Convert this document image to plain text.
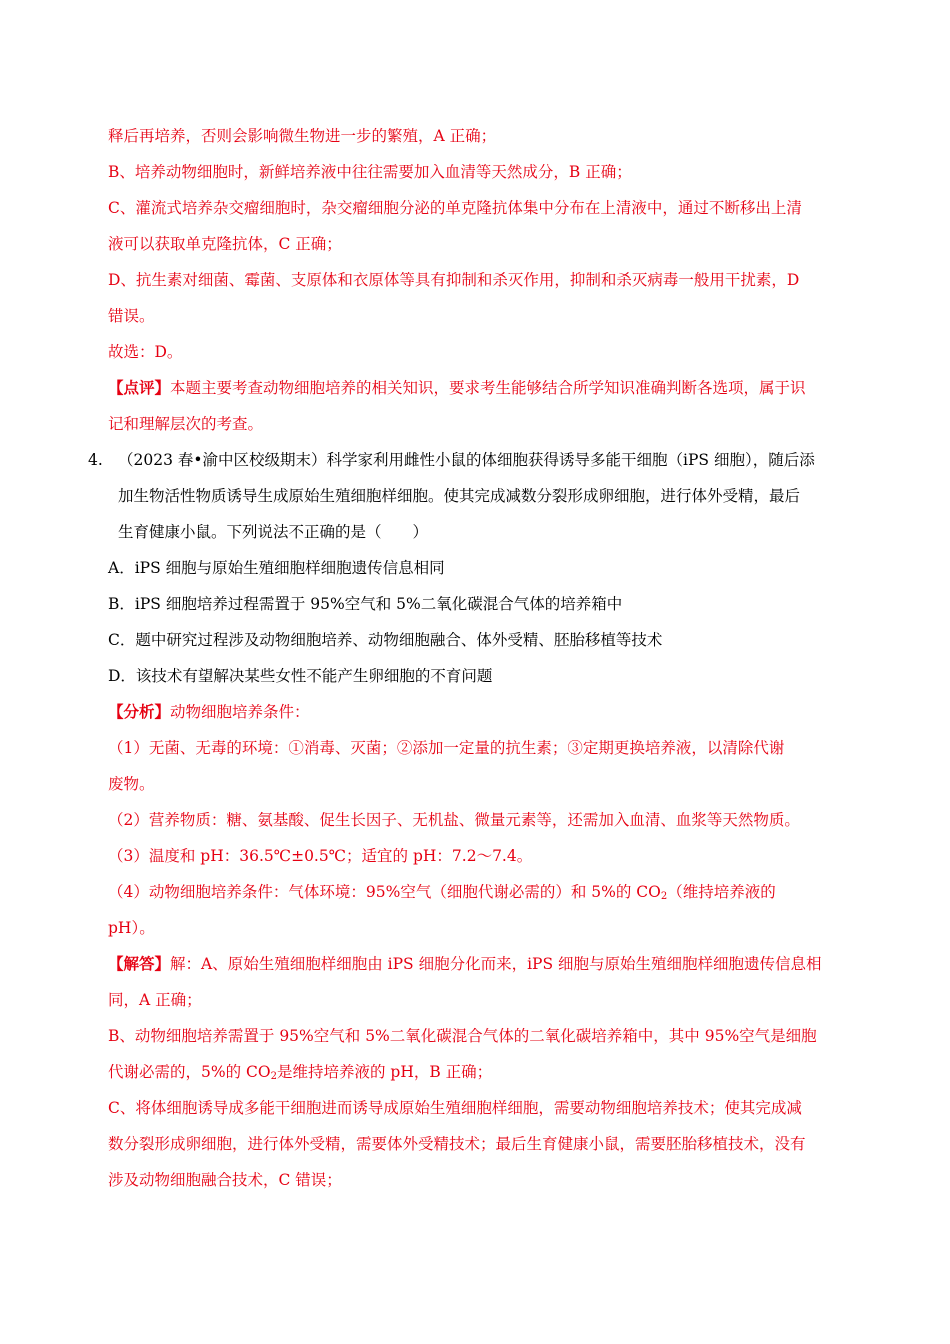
释后再培养，否则会影响微生物进一步的繁殖，A 正确；
B、培养动物细胞时，新鲜培养液中往往需要加入血清等天然成分，B 正确；
C、灌流式培养杂交瘤细胞时，杂交瘤细胞分泌的单克隆抗体集中分布在上清液中，通过不断移出上清
液可以获取单克隆抗体，C 正确；
D、抗生素对细菌、霉菌、支原体和衣原体等具有抑制和杀灭作用，抑制和杀灭病毒一般用干扰素，D
错误。
故选：D。
【点评】本题主要考查动物细胞培养的相关知识，要求考生能够结合所学知识准确判断各选项，属于识
记和理解层次的考查。
4. （2023 春•渝中区校级期末）科学家利用雌性小鼠的体细胞获得诱导多能干细胞（iPS 细胞），随后添
加生物活性物质诱导生成原始生殖细胞样细胞。使其完成减数分裂形成卵细胞，进行体外受精，最后
生育健康小鼠。下列说法不正确的是（　　）
A．iPS 细胞与原始生殖细胞样细胞遗传信息相同
B．iPS 细胞培养过程需置于 95%空气和 5%二氧化碳混合气体的培养箱中
C．题中研究过程涉及动物细胞培养、动物细胞融合、体外受精、胚胎移植等技术
D．该技术有望解决某些女性不能产生卵细胞的不育问题
【分析】动物细胞培养条件：
（1）无菌、无毒的环境：①消毒、灭菌；②添加一定量的抗生素；③定期更换培养液，以清除代谢
废物。
（2）营养物质：糖、氨基酸、促生长因子、无机盐、微量元素等，还需加入血清、血浆等天然物质。
（3）温度和 pH：36.5℃±0.5℃；适宜的 pH：7.2～7.4。
（4）动物细胞培养条件：气体环境：95%空气（细胞代谢必需的）和 5%的 $CO_2$（维持培养液的
pH）。
【解答】解：A、原始生殖细胞样细胞由 iPS 细胞分化而来，iPS 细胞与原始生殖细胞样细胞遗传信息相
同，A 正确；
B、动物细胞培养需置于 95%空气和 5%二氧化碳混合气体的二氧化碳培养箱中，其中 95%空气是细胞
代谢必需的，5%的 $CO_2$是维持培养液的 pH，B 正确；
C、将体细胞诱导成多能干细胞进而诱导成原始生殖细胞样细胞，需要动物细胞培养技术；使其完成减
数分裂形成卵细胞，进行体外受精，需要体外受精技术；最后生育健康小鼠，需要胚胎移植技术，没有
涉及动物细胞融合技术，C 错误；
